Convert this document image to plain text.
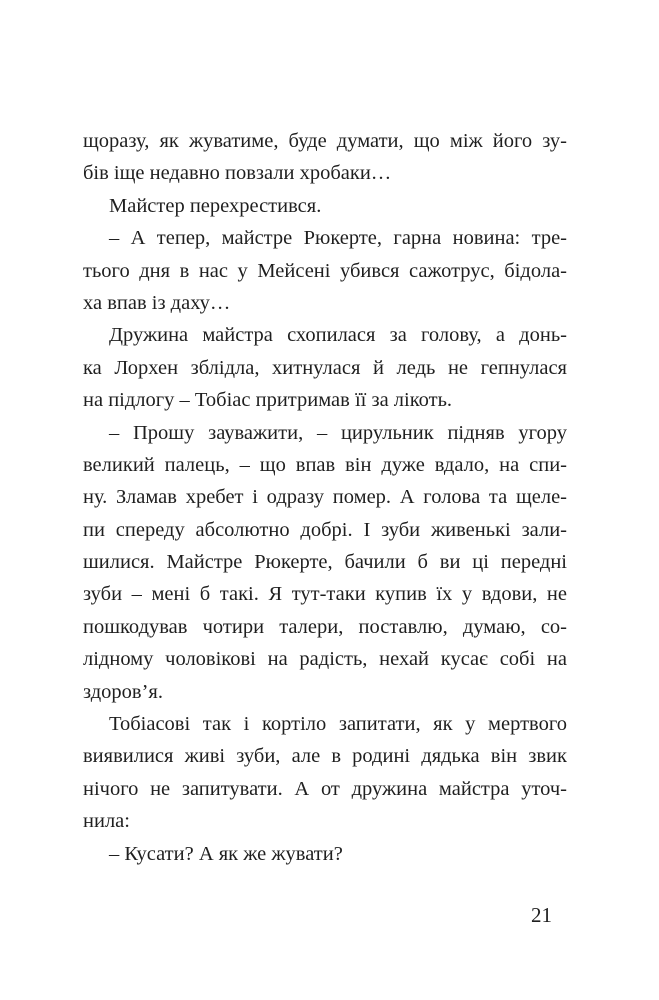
щоразу, як жуватиме, буде думати, що між його зу-
бів іще недавно повзали хробаки…
Майстер перехрестився.
– А тепер, майстре Рюкерте, гарна новина: тре-
тього дня в нас у Мейсені убився сажотрус, бідола-
ха впав із даху…
Дружина майстра схопилася за голову, а донь-
ка Лорхен зблідла, хитнулася й ледь не гепнулася
на підлогу – Тобіас притримав її за лікоть.
– Прошу зауважити, – цирульник підняв угору
великий палець, – що впав він дуже вдало, на спи-
ну. Зламав хребет і одразу помер. А голова та щеле-
пи спереду абсолютно добрі. І зуби живенькі зали-
шилися. Майстре Рюкерте, бачили б ви ці передні
зуби – мені б такі. Я тут-таки купив їх у вдови, не
пошкодував чотири талери, поставлю, думаю, со-
лідному чоловікові на радість, нехай кусає собі на
здоров’я.
Тобіасові так і кортіло запитати, як у мертвого
виявилися живі зуби, але в родині дядька він звик
нічого не запитувати. А от дружина майстра уточ-
нила:
– Кусати? А як же жувати?
21
